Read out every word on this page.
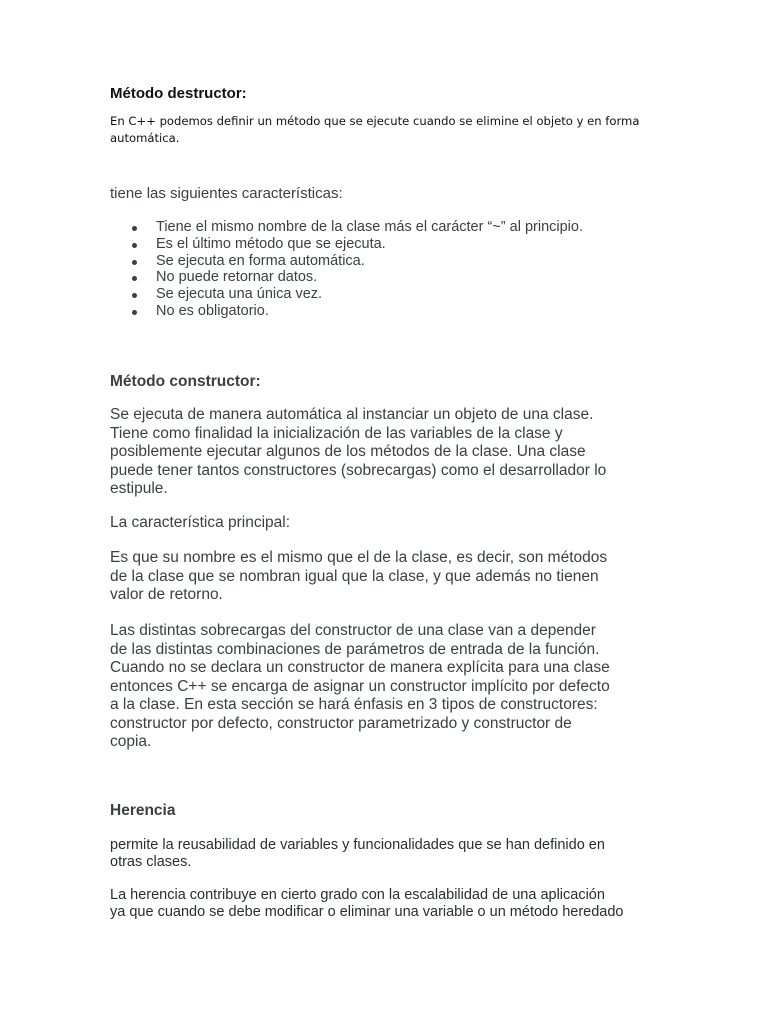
Método destructor:

En C++ podemos definir un método que se ejecute cuando se elimine el objeto y en forma
automática.

tiene las siguientes características:

Tiene el mismo nombre de la clase más el carácter “~” al principio.
Es el último método que se ejecuta.
Se ejecuta en forma automática.
No puede retornar datos.
Se ejecuta una única vez.
No es obligatorio.
Método constructor:

Se ejecuta de manera automática al instanciar un objeto de una clase.
Tiene como finalidad la inicialización de las variables de la clase y
posiblemente ejecutar algunos de los métodos de la clase. Una clase
puede tener tantos constructores (sobrecargas) como el desarrollador lo
estipule.

La característica principal:

Es que su nombre es el mismo que el de la clase, es decir, son métodos
de la clase que se nombran igual que la clase, y que además no tienen
valor de retorno.

Las distintas sobrecargas del constructor de una clase van a depender
de las distintas combinaciones de parámetros de entrada de la función.
Cuando no se declara un constructor de manera explícita para una clase
entonces C++ se encarga de asignar un constructor implícito por defecto
a la clase. En esta sección se hará énfasis en 3 tipos de constructores:
constructor por defecto, constructor parametrizado y constructor de
copia.

Herencia

permite la reusabilidad de variables y funcionalidades que se han definido en
otras clases.

La herencia contribuye en cierto grado con la escalabilidad de una aplicación
ya que cuando se debe modificar o eliminar una variable o un método heredado
